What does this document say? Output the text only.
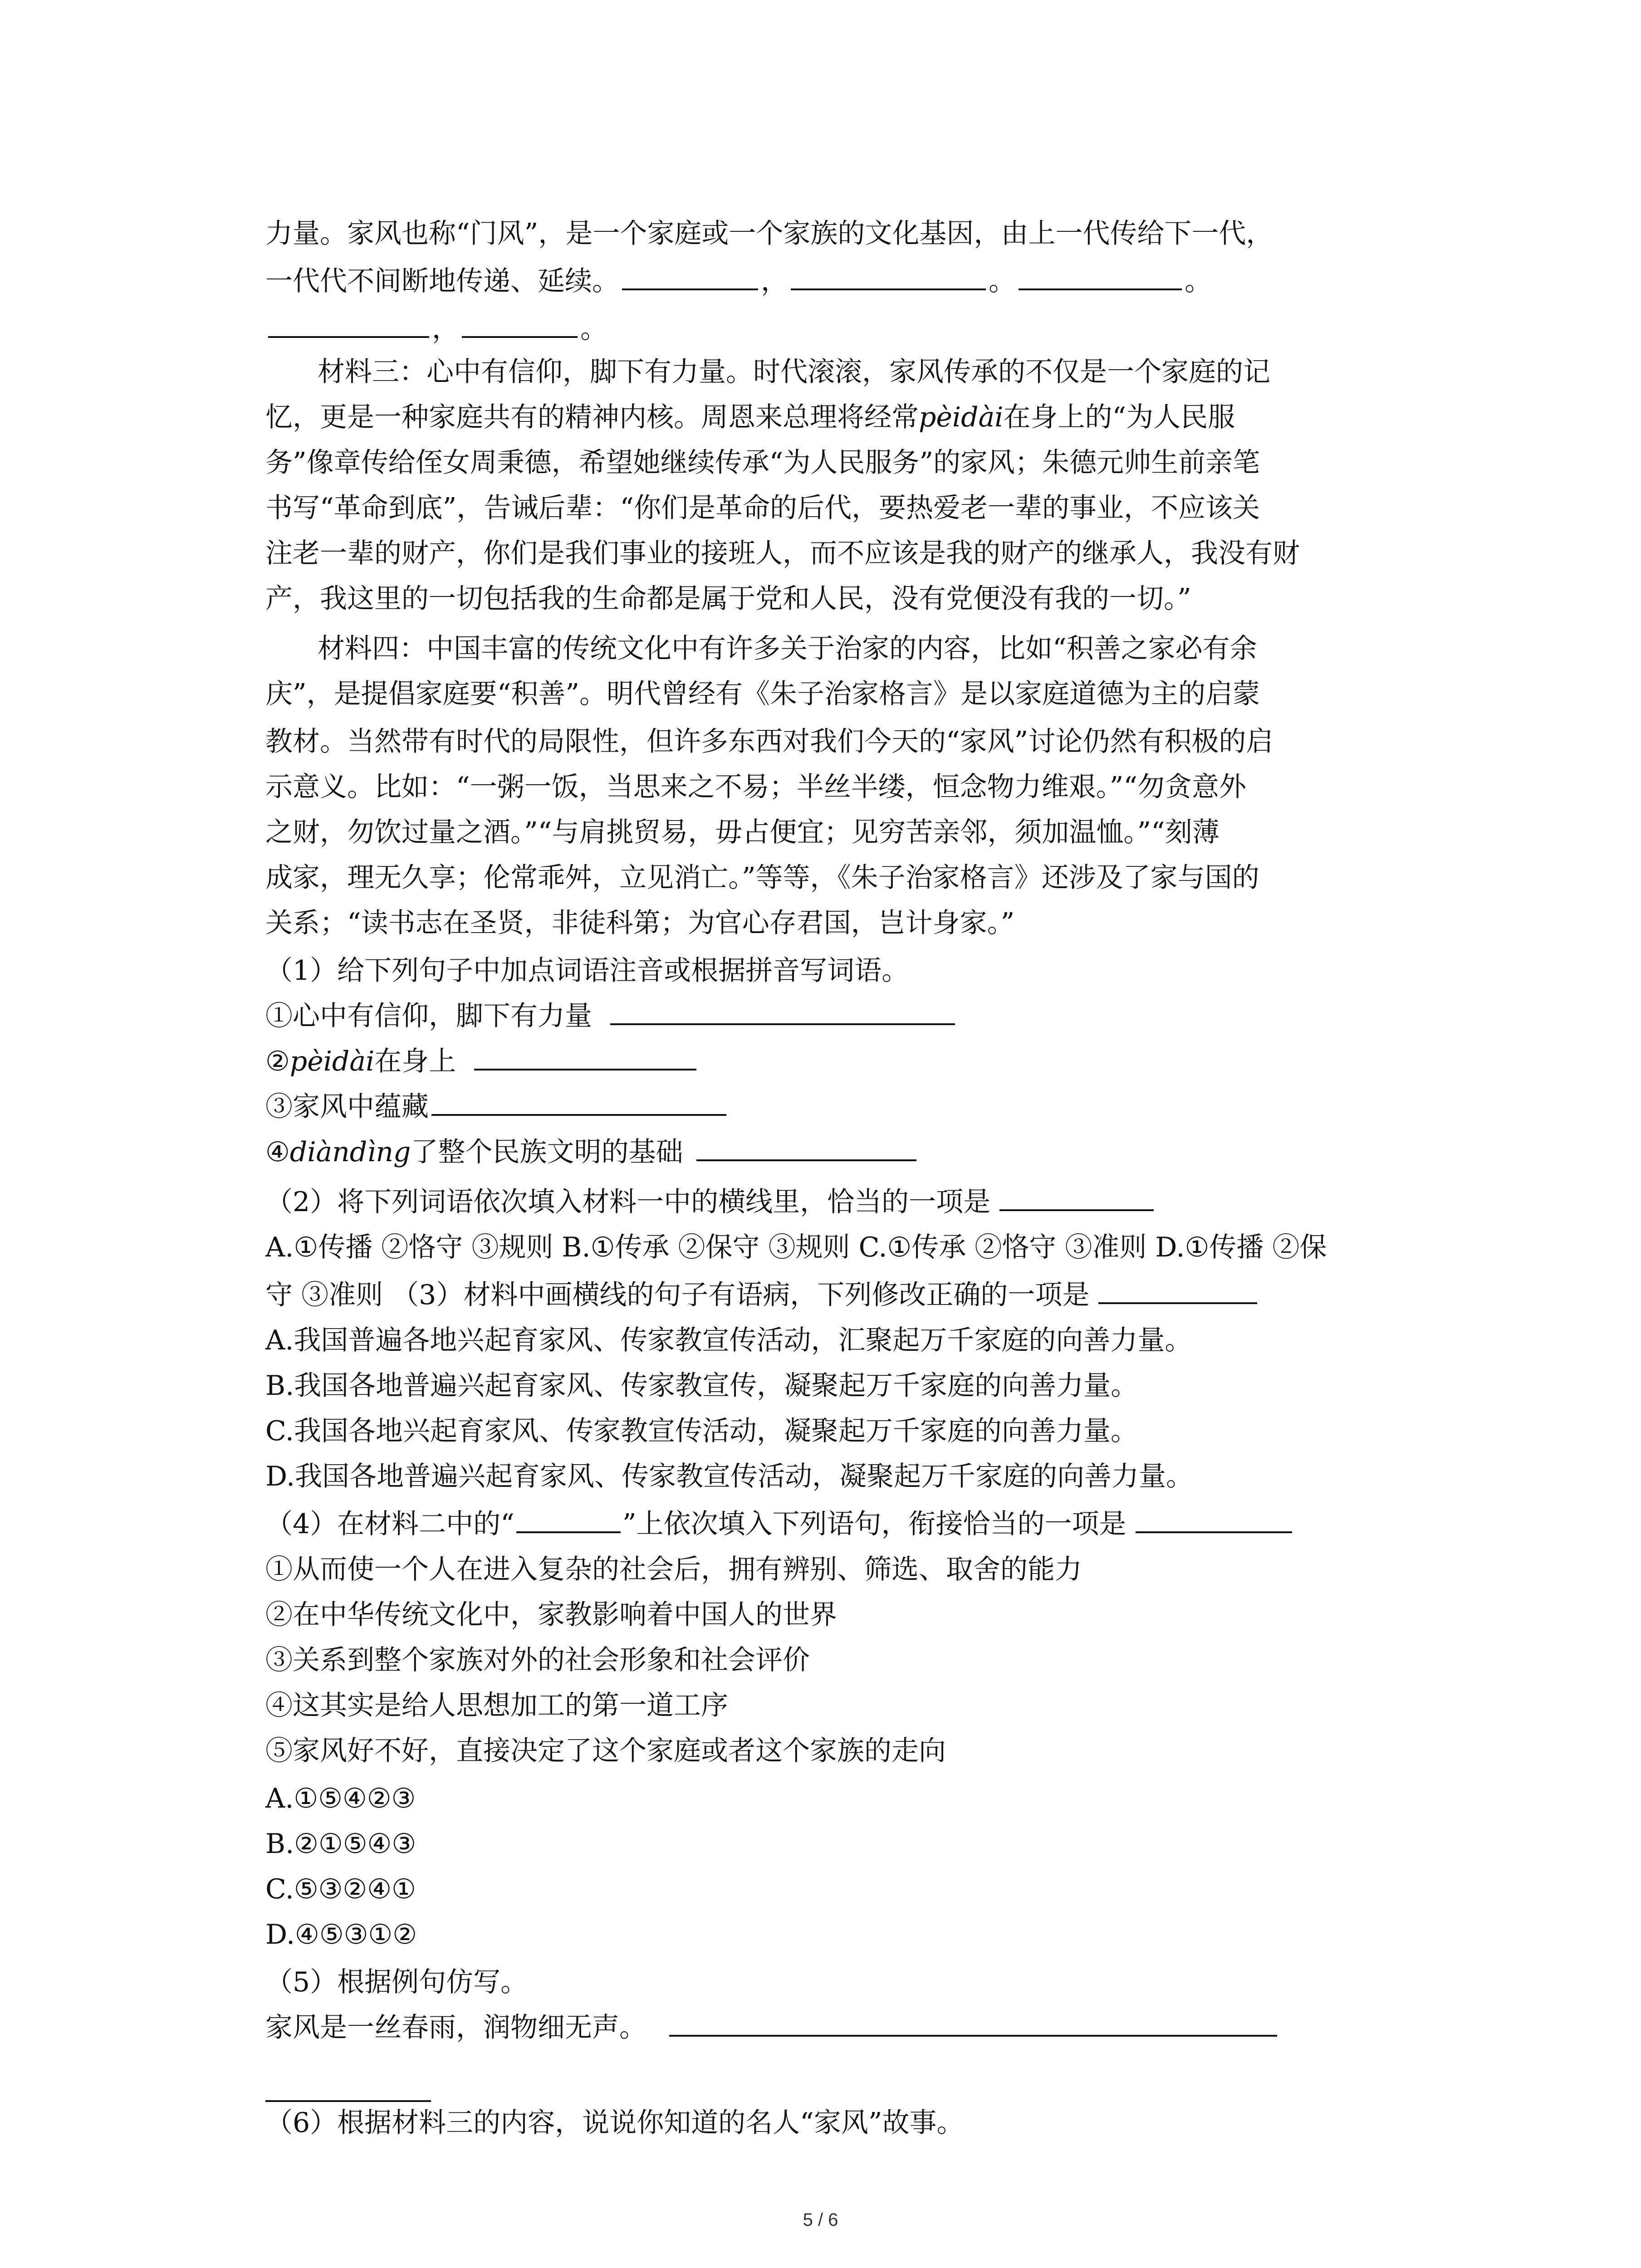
力量。家风也称“门风”，是一个家庭或一个家族的文化基因，由上一代传给下一代，
一代代不间断地传递、延续。	，	。	。
，	。
材料三：心中有信仰，脚下有力量。时代滚滚，家风传承的不仅是一个家庭的记
忆，更是一种家庭共有的精神内核。周恩来总理将经常pèidài在身上的“为人民服
务”像章传给侄女周秉德，希望她继续传承“为人民服务”的家风；朱德元帅生前亲笔
书写“革命到底”，告诫后辈：“你们是革命的后代，要热爱老一辈的事业，不应该关
注老一辈的财产，你们是我们事业的接班人，而不应该是我的财产的继承人，我没有财
产，我这里的一切包括我的生命都是属于党和人民，没有党便没有我的一切。”
材料四：中国丰富的传统文化中有许多关于治家的内容，比如“积善之家必有余
庆”，是提倡家庭要“积善”。明代曾经有《朱子治家格言》是以家庭道德为主的启蒙
教材。当然带有时代的局限性，但许多东西对我们今天的“家风”讨论仍然有积极的启
示意义。比如：“一粥一饭，当思来之不易；半丝半缕，恒念物力维艰。”“勿贪意外
之财，勿饮过量之酒。”“与肩挑贸易，毋占便宜；见穷苦亲邻，须加温恤。”“刻薄
成家，理无久享；伦常乖舛，立见消亡。”等等，《朱子治家格言》还涉及了家与国的
关系；“读书志在圣贤，非徒科第；为官心存君国，岂计身家。”
（1）给下列句子中加点词语注音或根据拼音写词语。
①心中有信仰，脚下有力量
②pèidài在身上
③家风中蕴藏
④diàndìng了整个民族文明的基础
（2）将下列词语依次填入材料一中的横线里，恰当的一项是
A.①传播 ②恪守 ③规则 B.①传承 ②保守 ③规则 C.①传承 ②恪守 ③准则 D.①传播 ②保
守 ③准则 （3）材料中画横线的句子有语病，下列修改正确的一项是
A.我国普遍各地兴起育家风、传家教宣传活动，汇聚起万千家庭的向善力量。
B.我国各地普遍兴起育家风、传家教宣传，凝聚起万千家庭的向善力量。
C.我国各地兴起育家风、传家教宣传活动，凝聚起万千家庭的向善力量。
D.我国各地普遍兴起育家风、传家教宣传活动，凝聚起万千家庭的向善力量。
（4）在材料二中的“	”上依次填入下列语句，衔接恰当的一项是
①从而使一个人在进入复杂的社会后，拥有辨别、筛选、取舍的能力
②在中华传统文化中，家教影响着中国人的世界
③关系到整个家族对外的社会形象和社会评价
④这其实是给人思想加工的第一道工序
⑤家风好不好，直接决定了这个家庭或者这个家族的走向
A.①⑤④②③
B.②①⑤④③
C.⑤③②④①
D.④⑤③①②
（5）根据例句仿写。
家风是一丝春雨，润物细无声。
（6）根据材料三的内容，说说你知道的名人“家风”故事。
5 / 6
